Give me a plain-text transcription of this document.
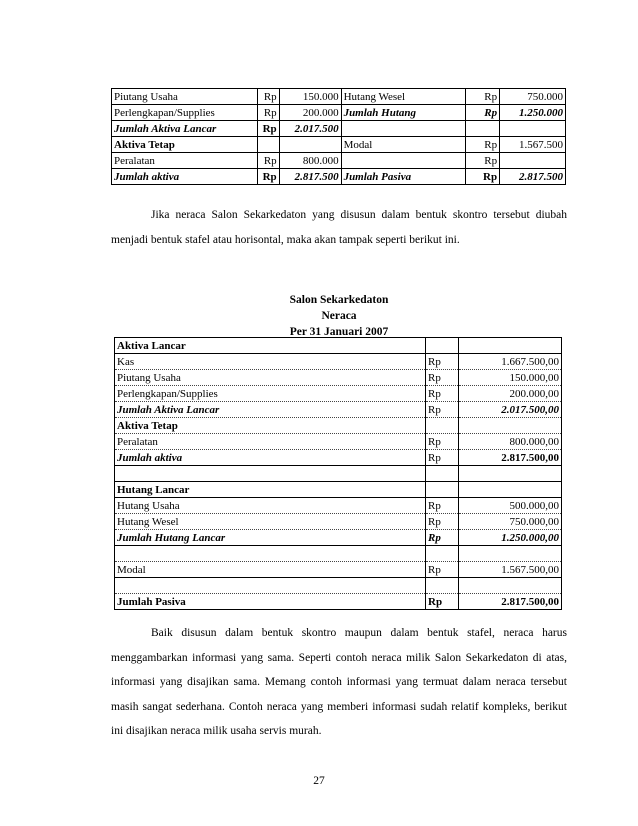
Piutang Usaha	Rp	150.000	Hutang Wesel	Rp	750.000
Perlengkapan/Supplies	Rp	200.000	Jumlah Hutang	Rp	1.250.000
Jumlah Aktiva Lancar	Rp	2.017.500			
Aktiva Tetap			Modal	Rp	1.567.500
Peralatan	Rp	800.000		Rp	
Jumlah aktiva	Rp	2.817.500	Jumlah Pasiva	Rp	2.817.500

Jika neraca Salon Sekarkedaton yang disusun dalam bentuk skontro tersebut diubah menjadi bentuk stafel atau horisontal, maka akan tampak seperti berikut ini.

Salon Sekarkedaton
Neraca
Per 31 Januari 2007
Aktiva Lancar		
Kas	Rp	1.667.500,00
Piutang Usaha	Rp	150.000,00
Perlengkapan/Supplies	Rp	200.000,00
Jumlah Aktiva Lancar	Rp	2.017.500,00
Aktiva Tetap		
Peralatan	Rp	800.000,00
Jumlah aktiva	Rp	2.817.500,00

Hutang Lancar		
Hutang Usaha	Rp	500.000,00
Hutang Wesel	Rp	750.000,00
Jumlah Hutang Lancar	Rp	1.250.000,00

Modal	Rp	1.567.500,00

Jumlah Pasiva	Rp	2.817.500,00

Baik disusun dalam bentuk skontro maupun dalam bentuk stafel, neraca harus menggambarkan informasi yang sama. Seperti contoh neraca milik Salon Sekarkedaton di atas, informasi yang disajikan sama. Memang contoh informasi yang termuat dalam neraca tersebut masih sangat sederhana. Contoh neraca yang memberi informasi sudah relatif kompleks, berikut ini disajikan neraca milik usaha servis murah.

27
